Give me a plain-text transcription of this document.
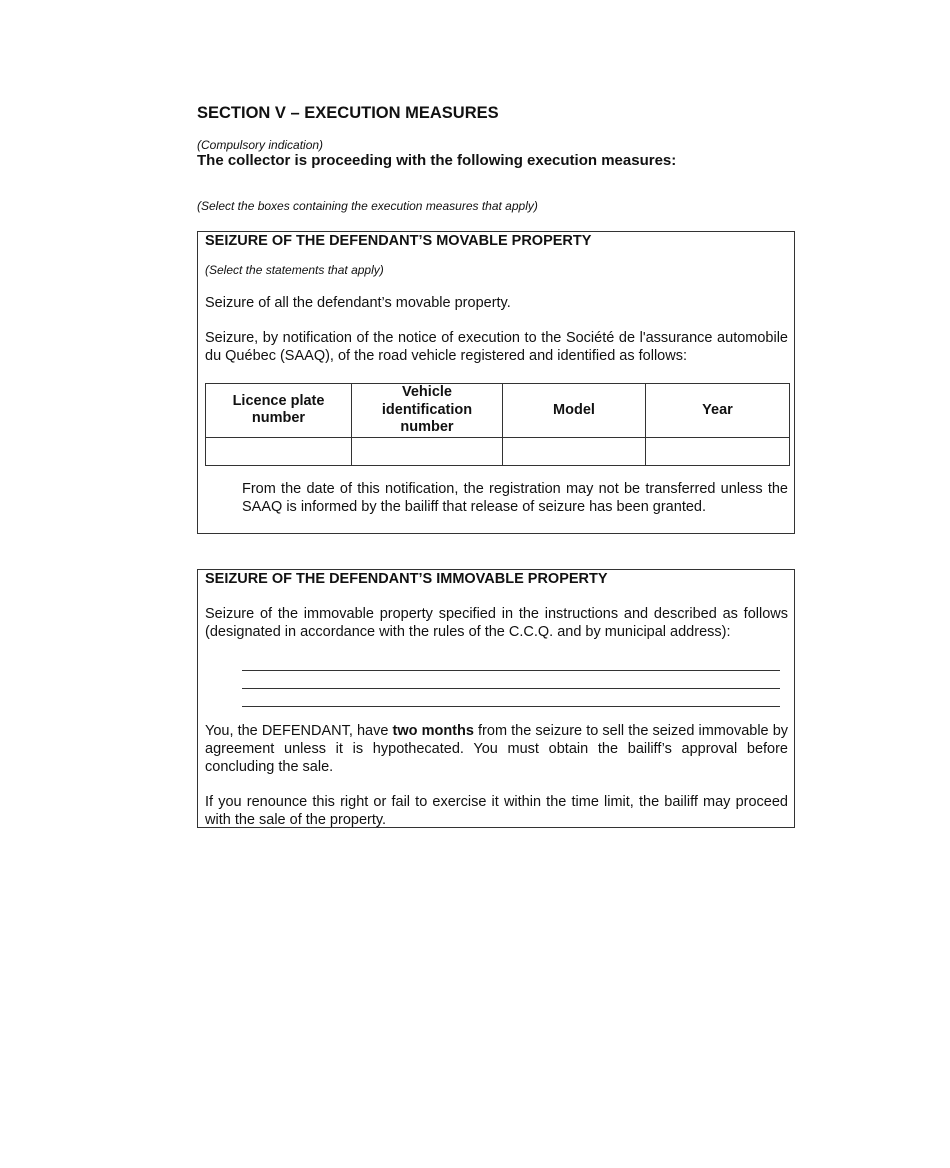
SECTION V – EXECUTION MEASURES

(Compulsory indication)

The collector is proceeding with the following execution measures:

(Select the boxes containing the execution measures that apply)

SEIZURE OF THE DEFENDANT’S MOVABLE PROPERTY

(Select the statements that apply)

Seizure of all the defendant’s movable property.

Seizure, by notification of the notice of execution to the Société de l'assurance automobile du Québec (SAAQ), of the road vehicle registered and identified as follows:

Licence plate number	Vehicle identification number	Model	Year

From the date of this notification, the registration may not be transferred unless the SAAQ is informed by the bailiff that release of seizure has been granted.

SEIZURE OF THE DEFENDANT’S IMMOVABLE PROPERTY

Seizure of the immovable property specified in the instructions and described as follows (designated in accordance with the rules of the C.C.Q. and by municipal address):

You, the DEFENDANT, have two months from the seizure to sell the seized immovable by agreement unless it is hypothecated. You must obtain the bailiff’s approval before concluding the sale.

If you renounce this right or fail to exercise it within the time limit, the bailiff may proceed with the sale of the property.
